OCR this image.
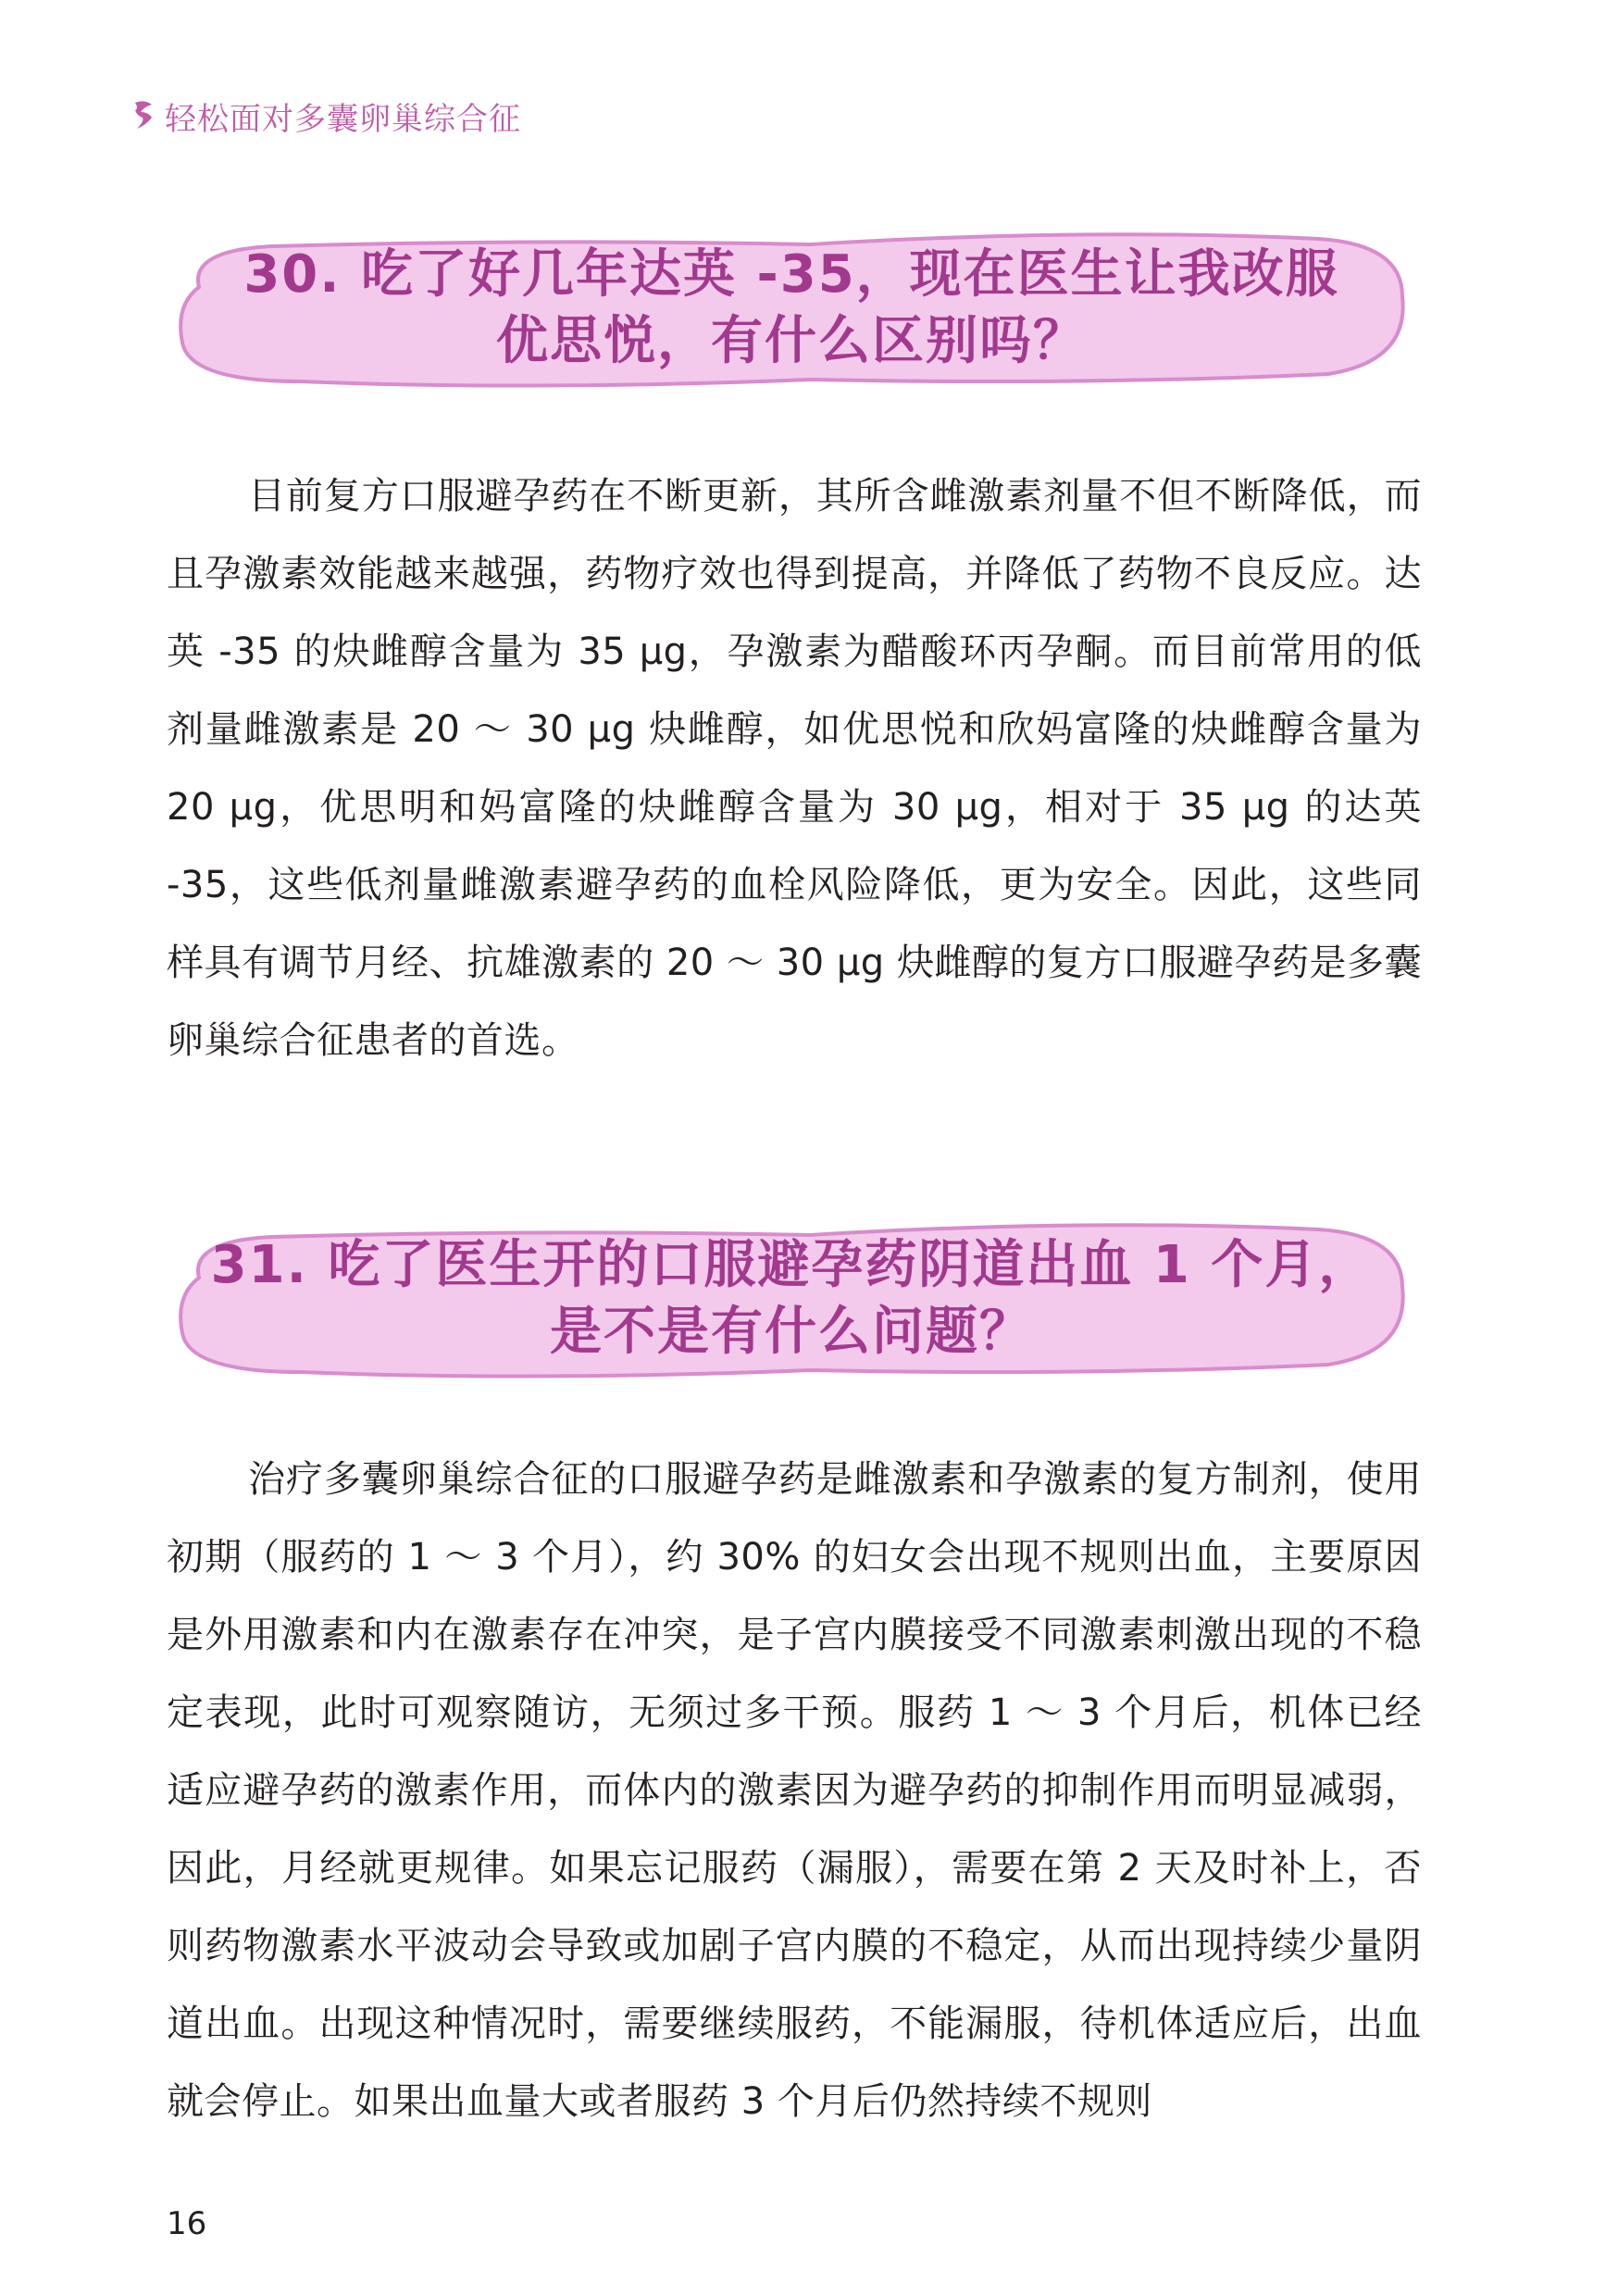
轻松面对多囊卵巢综合征
30. 吃了好几年达英 -35，现在医生让我改服
优思悦，有什么区别吗？
目前复方口服避孕药在不断更新，其所含雌激素剂量不但不断降低，而且孕激素效能越来越强，药物疗效也得到提高，并降低了药物不良反应。达英 -35 的炔雌醇含量为 35 μg，孕激素为醋酸环丙孕酮。而目前常用的低剂量雌激素是 20 ～ 30 μg 炔雌醇，如优思悦和欣妈富隆的炔雌醇含量为 20 μg，优思明和妈富隆的炔雌醇含量为 30 μg，相对于 35 μg 的达英 -35，这些低剂量雌激素避孕药的血栓风险降低，更为安全。因此，这些同样具有调节月经、抗雄激素的 20 ～ 30 μg 炔雌醇的复方口服避孕药是多囊卵巢综合征患者的首选。
31. 吃了医生开的口服避孕药阴道出血 1 个月，
是不是有什么问题？
治疗多囊卵巢综合征的口服避孕药是雌激素和孕激素的复方制剂，使用初期（服药的 1 ～ 3 个月），约 30% 的妇女会出现不规则出血，主要原因是外用激素和内在激素存在冲突，是子宫内膜接受不同激素刺激出现的不稳定表现，此时可观察随访，无须过多干预。服药 1 ～ 3 个月后，机体已经适应避孕药的激素作用，而体内的激素因为避孕药的抑制作用而明显减弱，因此，月经就更规律。如果忘记服药（漏服），需要在第 2 天及时补上，否则药物激素水平波动会导致或加剧子宫内膜的不稳定，从而出现持续少量阴道出血。出现这种情况时，需要继续服药，不能漏服，待机体适应后，出血就会停止。如果出血量大或者服药 3 个月后仍然持续不规则
16
